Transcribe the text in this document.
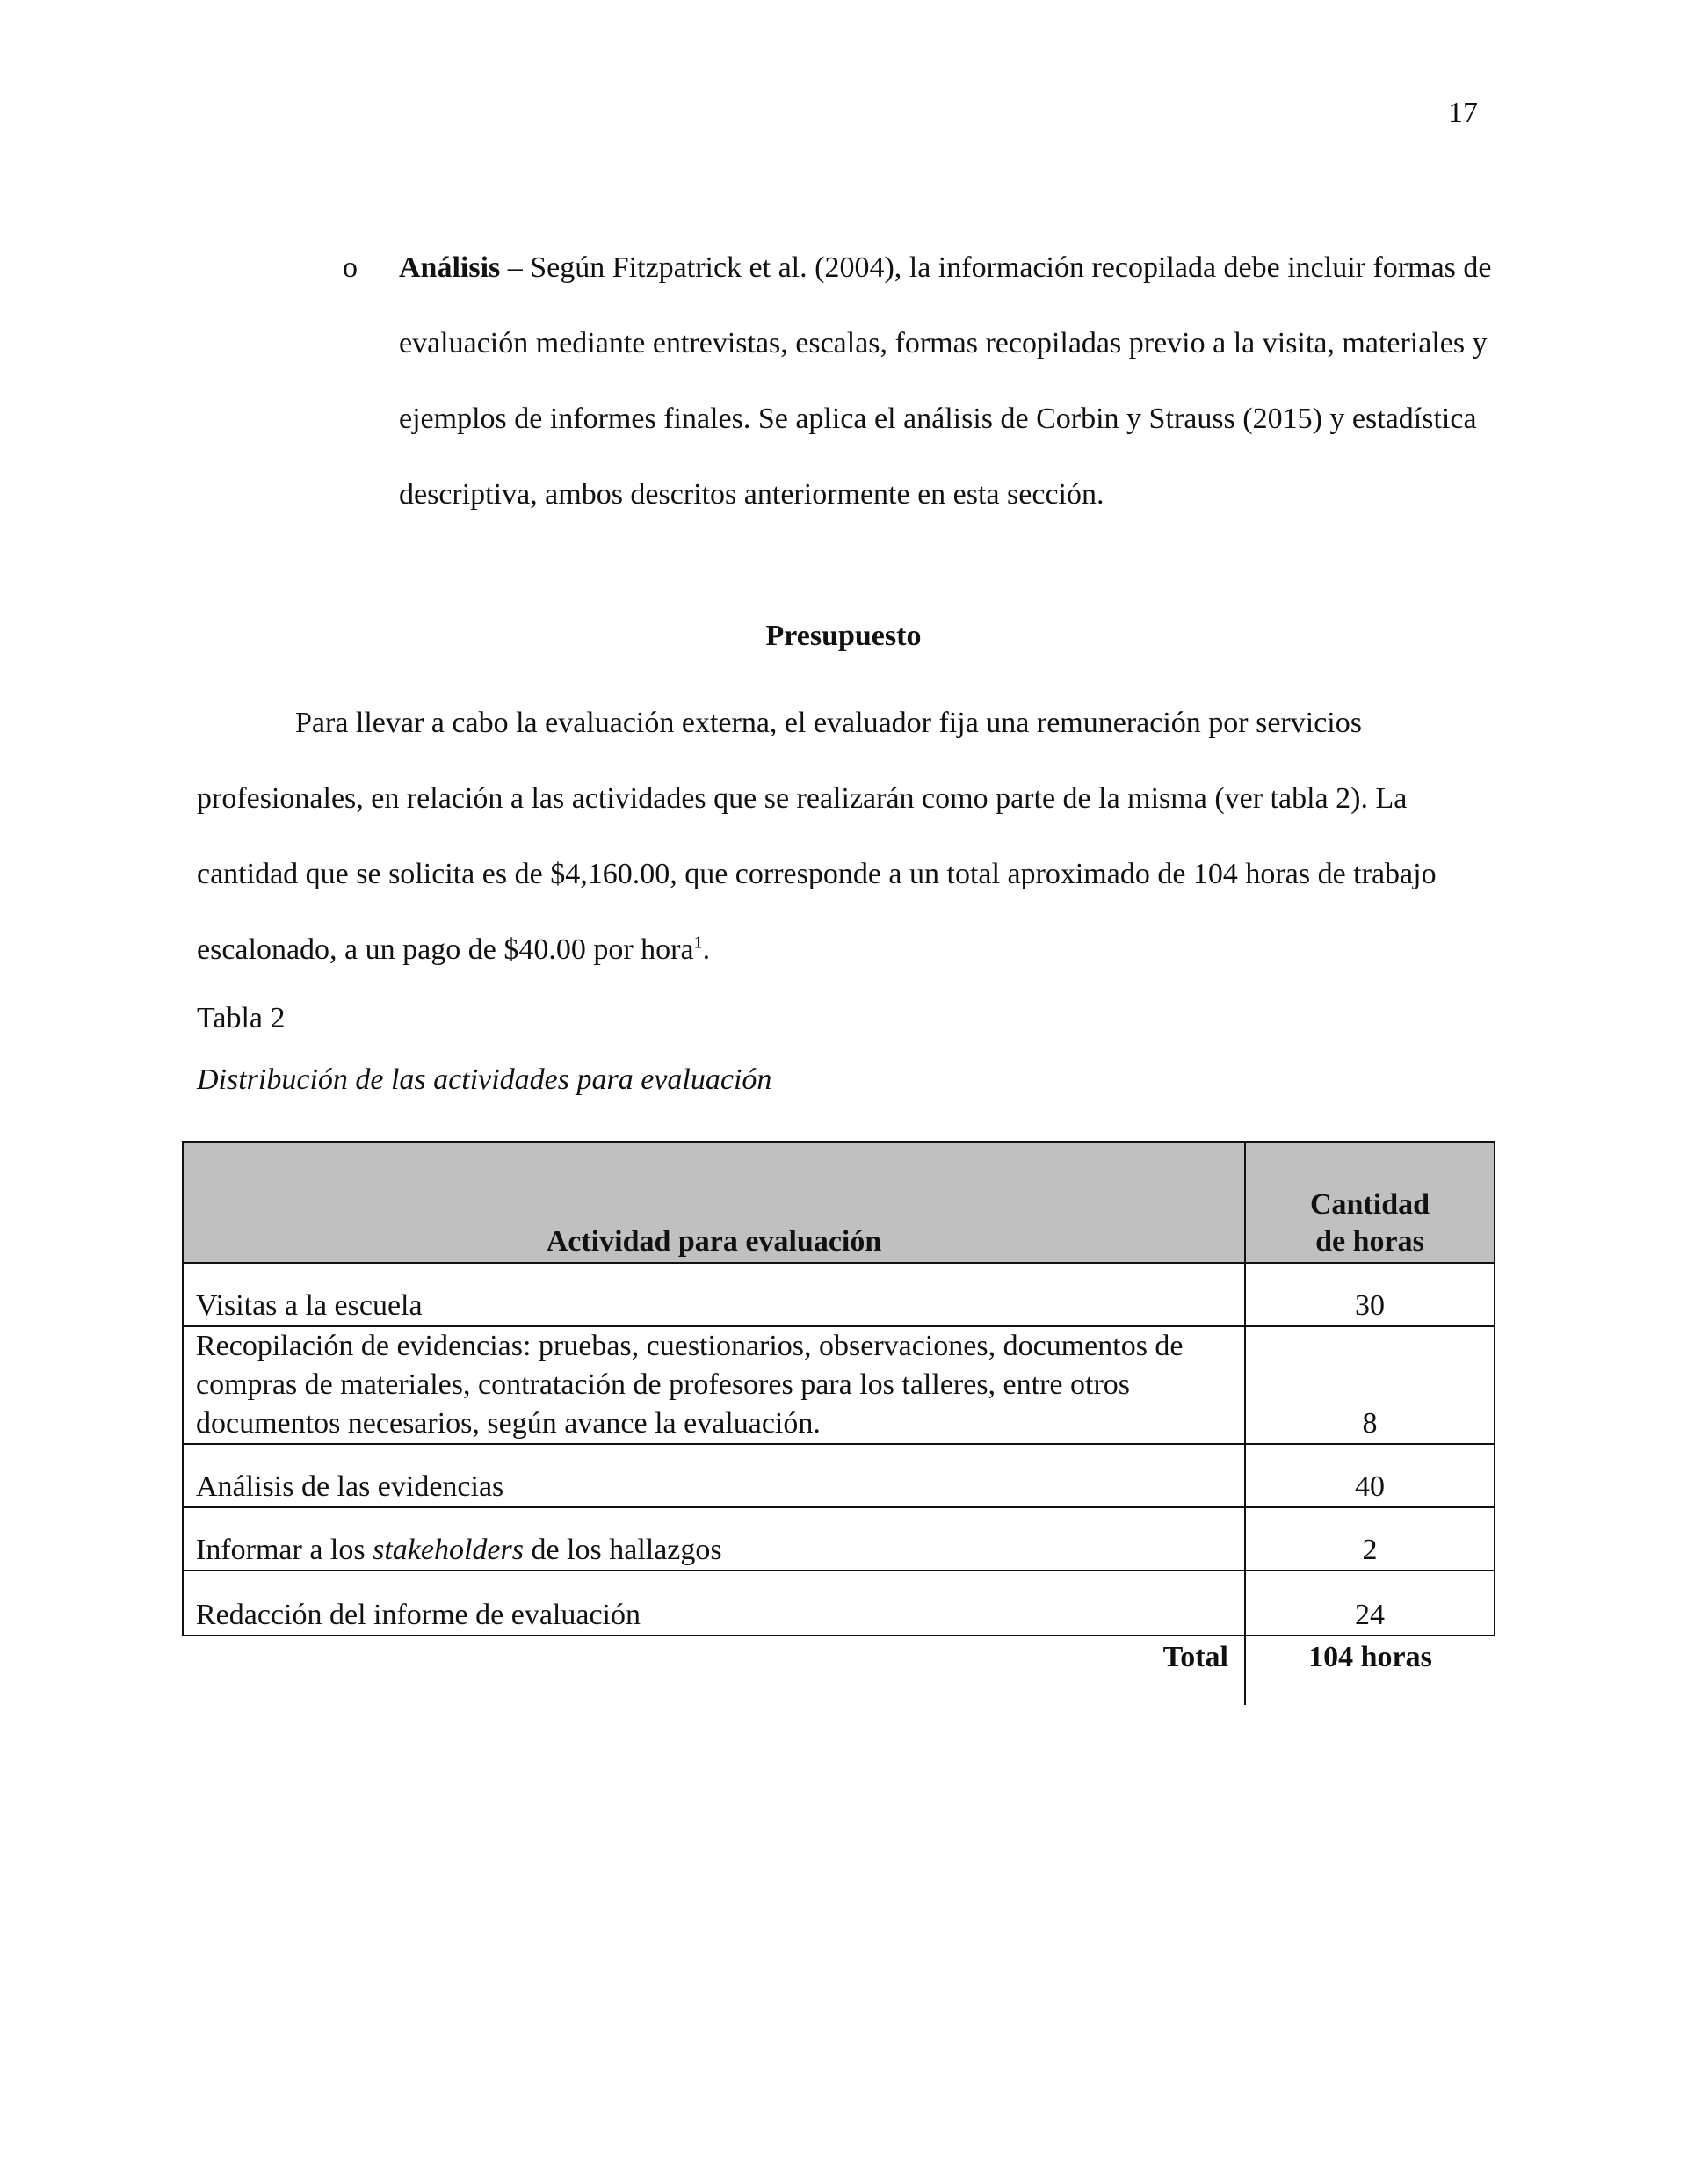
17
o Análisis – Según Fitzpatrick et al. (2004), la información recopilada debe incluir formas de evaluación mediante entrevistas, escalas, formas recopiladas previo a la visita, materiales y ejemplos de informes finales. Se aplica el análisis de Corbin y Strauss (2015) y estadística descriptiva, ambos descritos anteriormente en esta sección.
Presupuesto
Para llevar a cabo la evaluación externa, el evaluador fija una remuneración por servicios profesionales, en relación a las actividades que se realizarán como parte de la misma (ver tabla 2). La cantidad que se solicita es de $4,160.00, que corresponde a un total aproximado de 104 horas de trabajo escalonado, a un pago de $40.00 por hora$^1$.
Tabla 2
Distribución de las actividades para evaluación
Actividad para evaluación	Cantidad
de horas
Visitas a la escuela	30
Recopilación de evidencias: pruebas, cuestionarios, observaciones, documentos de compras de materiales, contratación de profesores para los talleres, entre otros documentos necesarios, según avance la evaluación.	8
Análisis de las evidencias	40
Informar a los stakeholders de los hallazgos	2
Redacción del informe de evaluación	24
Total	104 horas
